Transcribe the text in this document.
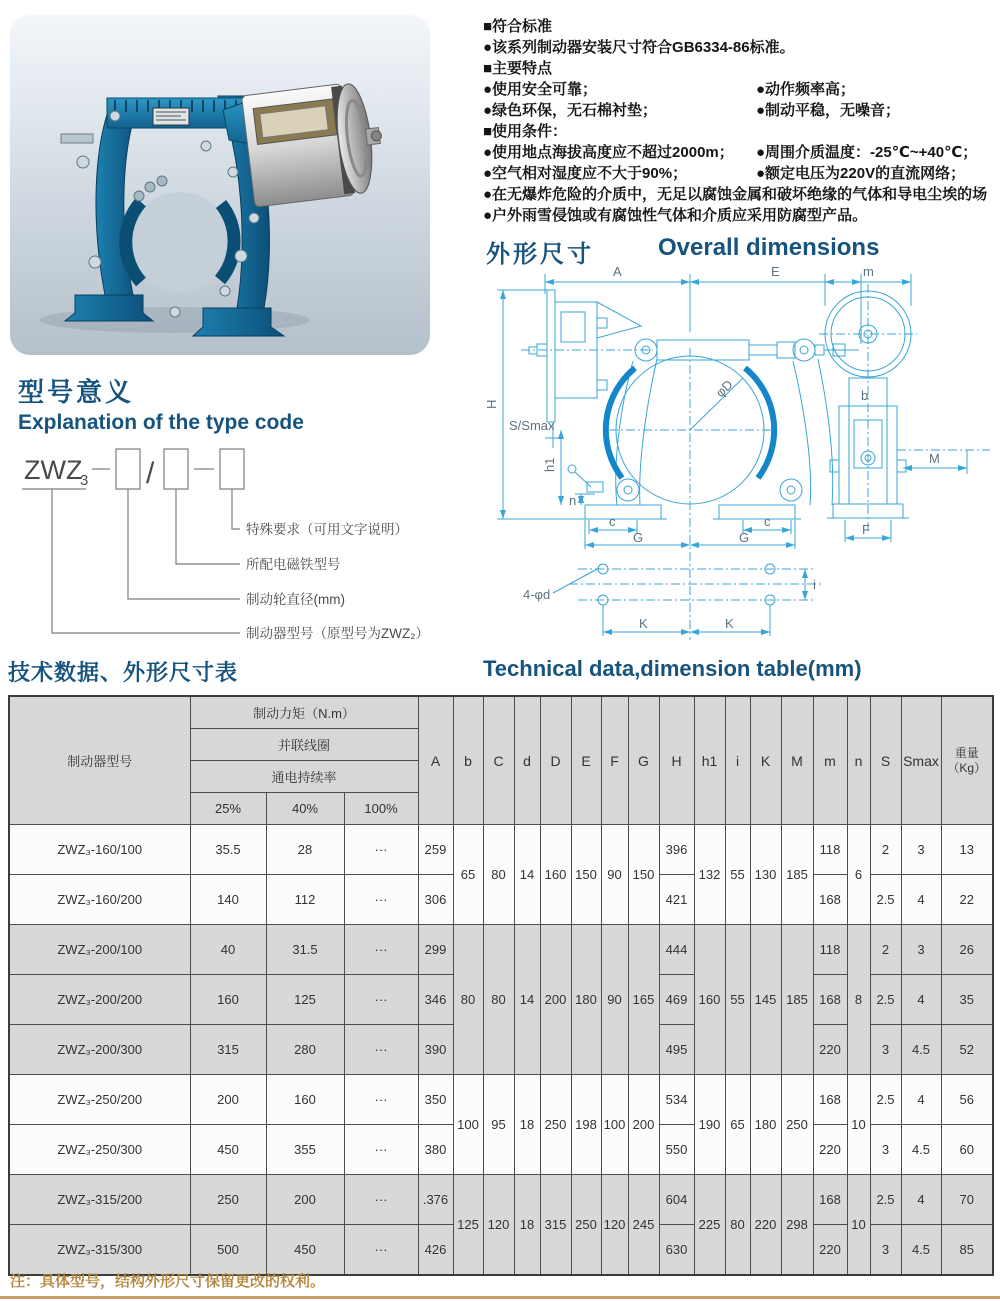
■符合标准
●该系列制动器安装尺寸符合GB6334-86标准。
■主要特点
●使用安全可靠；	●动作频率高；
●绿色环保，无石棉衬垫；	●制动平稳，无噪音；
■使用条件：
●使用地点海拔高度应不超过2000m； ●周围介质温度：-25℃~+40℃；
●空气相对湿度应不大于90%；	●额定电压为220V的直流网络；
●在无爆炸危险的介质中，无足以腐蚀金属和破坏绝缘的气体和导电尘埃的场
●户外雨雪侵蚀或有腐蚀性气体和介质应采用防腐型产品。
外形尺寸	Overall dimensions
A	E	m
H
S/Smax
φD
h1
n
c	c
G	G
4-φd
i
K	K
b
M
F
型号意义
Explanation of the type code
ZWZ
3 /
特殊要求（可用文字说明）
所配电磁铁型号
制动轮直径(mm)
制动器型号（原型号为ZWZ₂）
技术数据、外形尺寸表	Technical data,dimension table(mm)
制动器型号	制动力矩（N.m）			A	b	C	d	D	E	F	G	H	h1	i	K	M	m	n	S	Smax	重量
（Kg）

	并联线圈																				
	通电持续率																				
	25%	40%	100%																		
ZWZ₃-160/100	35.5	28	···	259	65	80	14	160	150	90	150	396	132	55	130	185	118	6	2	3	13
ZWZ₃-160/200	140	112	···	306								421					168		2.5	4	22
ZWZ₃-200/100	40	31.5	···	299	80	80	14	200	180	90	165	444	160	55	145	185	118	8	2	3	26
ZWZ₃-200/200	160	125	···	346								469					168		2.5	4	35
ZWZ₃-200/300	315	280	···	390								495					220		3	4.5	52
ZWZ₃-250/200	200	160	···	350	100	95	18	250	198	100	200	534	190	65	180	250	168	10	2.5	4	56
ZWZ₃-250/300	450	355	···	380								550					220		3	4.5	60
ZWZ₃-315/200	250	200	···	.376	125	120	18	315	250	120	245	604	225	80	220	298	168	10	2.5	4	70
ZWZ₃-315/300	500	450	···	426								630					220		3	4.5	85
注：具体型号，结构外形尺寸保留更改的权利。
